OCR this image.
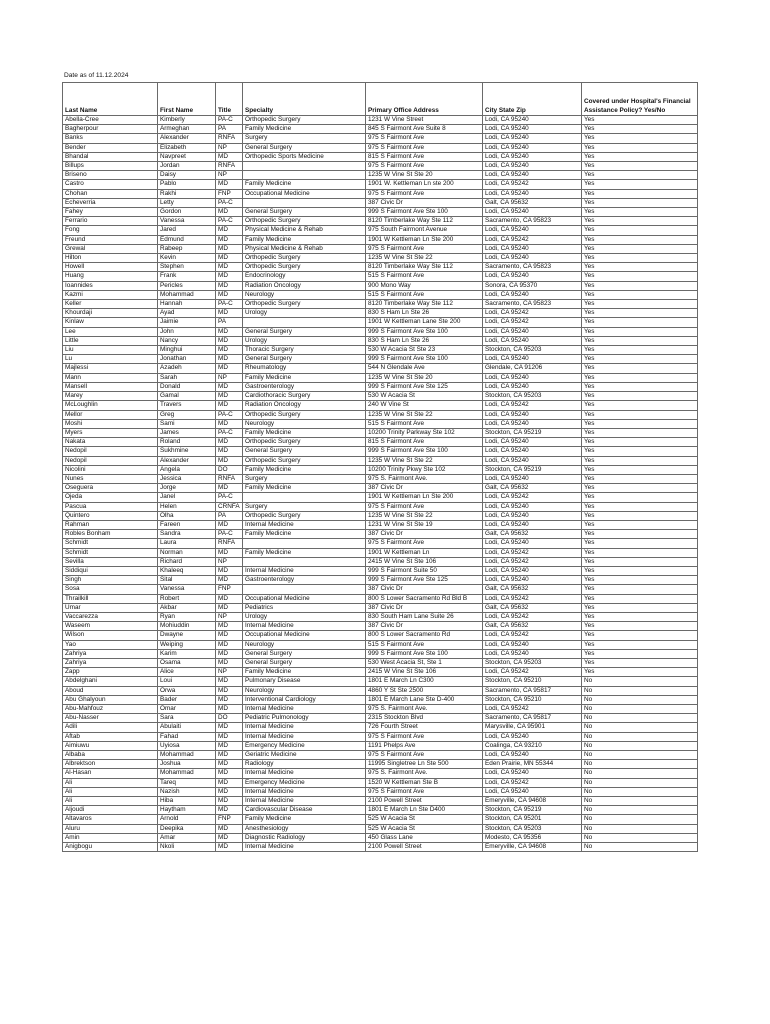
Date as of 11.12.2024
Last Name	First Name	Title	Specialty	Primary Office Address	City State Zip	Covered under Hospital's Financial Assistance Policy? Yes/No
Abella-Cree	Kimberly	PA-C	Orthopedic Surgery	1231 W Vine Street	Lodi, CA 95240	Yes
Bagherpour	Armeghan	PA	Family Medicine	845 S Fairmont Ave Suite 8	Lodi, CA 95240	Yes
Banks	Alexander	RNFA	Surgery	975 S Fairmont Ave	Lodi, CA 95240	Yes
Bender	Elizabeth	NP	General Surgery	975 S Fairmont Ave	Lodi, CA 95240	Yes
Bhandal	Navpreet	MD	Orthopedic Sports Medicine	815 S Fairmont Ave	Lodi, CA 95240	Yes
Billups	Jordan	RNFA		975 S Fairmont Ave	Lodi, CA 95240	Yes
Briseno	Daisy	NP		1235 W Vine St Ste 20	Lodi, CA 95240	Yes
Castro	Pablo	MD	Family Medicine	1901 W. Kettleman Ln ste 200	Lodi, CA 95242	Yes
Chohan	Rakhi	FNP	Occupational Medicine	975 S Fairmont Ave	Lodi, CA 95240	Yes
Echeverria	Letty	PA-C		387 Civic Dr	Galt, CA 95632	Yes
Fahey	Gordon	MD	General Surgery	999 S Fairmont Ave Ste 100	Lodi, CA 95240	Yes
Ferrario	Vanessa	PA-C	Orthopedic Surgery	8120 Timberlake Way Ste 112	Sacramento, CA 95823	Yes
Fong	Jared	MD	Physical Medicine & Rehab	975 South Fairmont Avenue	Lodi, CA 95240	Yes
Freund	Edmund	MD	Family Medicine	1901 W Kettleman Ln Ste 200	Lodi, CA 95242	Yes
Grewal	Rabeep	MD	Physical Medicine & Rehab	975 S Fairmont Ave	Lodi, CA 95240	Yes
Hilton	Kevin	MD	Orthopedic Surgery	1235 W Vine St Ste 22	Lodi, CA 95240	Yes
Howell	Stephen	MD	Orthopedic Surgery	8120 Timberlake Way Ste 112	Sacramento, CA 95823	Yes
Huang	Frank	MD	Endocrinology	515 S Fairmont Ave	Lodi, CA 95240	Yes
Ioannides	Pericles	MD	Radiation Oncology	900 Mono Way	Sonora, CA 95370	Yes
Kazmi	Mohammad	MD	Neurology	515 S Fairmont Ave	Lodi, CA 95240	Yes
Keller	Hannah	PA-C	Orthopedic Surgery	8120 Timberlake Way Ste 112	Sacramento, CA 95823	Yes
Khourdaji	Ayad	MD	Urology	830 S Ham Ln Ste 26	Lodi, CA 95242	Yes
Kinlaw	Jaimie	PA		1901 W Kettleman Lane Ste 200	Lodi, CA 95242	Yes
Lee	John	MD	General Surgery	999 S Fairmont Ave Ste 100	Lodi, CA 95240	Yes
Little	Nancy	MD	Urology	830 S Ham Ln Ste 26	Lodi, CA 95240	Yes
Liu	Minghui	MD	Thoracic Surgery	530 W Acacia St Ste 23	Stockton, CA 95203	Yes
Lu	Jonathan	MD	General Surgery	999 S Fairmont Ave Ste 100	Lodi, CA 95240	Yes
Majlessi	Azadeh	MD	Rheumatology	544 N Glendale Ave	Glendale, CA 91206	Yes
Mann	Sarah	NP	Family Medicine	1235 W Vine St Ste 20	Lodi, CA 95240	Yes
Mansell	Donald	MD	Gastroenterology	999 S Fairmont Ave Ste 125	Lodi, CA 95240	Yes
Marey	Gamal	MD	Cardiothoracic Surgery	530 W Acacia St	Stockton, CA 95203	Yes
McLoughlin	Travers	MD	Radiation Oncology	240 W Vine St	Lodi, CA 95242	Yes
Mellor	Greg	PA-C	Orthopedic Surgery	1235 W Vine St Ste 22	Lodi, CA 95240	Yes
Moshi	Sami	MD	Neurology	515 S Fairmont Ave	Lodi, CA 95240	Yes
Myers	James	PA-C	Family Medicine	10200 Trinity Parkway Ste 102	Stockton, CA 95219	Yes
Nakata	Roland	MD	Orthopedic Surgery	815 S Fairmont Ave	Lodi, CA 95240	Yes
Nedopil	Sukhmine	MD	General Surgery	999 S Fairmont Ave Ste 100	Lodi, CA 95240	Yes
Nedopil	Alexander	MD	Orthopedic Surgery	1235 W Vine St Ste 22	Lodi, CA 95240	Yes
Nicolini	Angela	DO	Family Medicine	10200 Trinity Pkwy Ste 102	Stockton, CA 95219	Yes
Nunes	Jessica	RNFA	Surgery	975 S. Fairmont Ave.	Lodi, CA 95240	Yes
Oseguera	Jorge	MD	Family Medicine	387 Civic Dr	Galt, CA 95632	Yes
Ojeda	Janel	PA-C		1901 W Kettleman Ln Ste 200	Lodi, CA 95242	Yes
Pascua	Helen	CRNFA	Surgery	975 S Fairmont Ave	Lodi, CA 95240	Yes
Quintero	Olha	PA	Orthopedic Surgery	1235 W Vine St Ste 22	Lodi, CA 95240	Yes
Rahman	Fareen	MD	Internal Medicine	1231 W Vine St Ste 19	Lodi, CA 95240	Yes
Robles Bonham	Sandra	PA-C	Family Medicine	387 Civic Dr	Galt, CA 95632	Yes
Schmidt	Laura	RNFA		975 S Fairmont Ave	Lodi, CA 95240	Yes
Schmidt	Norman	MD	Family Medicine	1901 W Kettleman Ln	Lodi, CA 95242	Yes
Sevilla	Richard	NP		2415 W Vine St Ste 106	Lodi, CA 95242	Yes
Siddiqui	Khaleeq	MD	Internal Medicine	999 S Fairmont Suite 50	Lodi, CA 95240	Yes
Singh	Sital	MD	Gastroenterology	999 S Fairmont Ave Ste 125	Lodi, CA 95240	Yes
Sosa	Vanessa	FNP		387 Civic Dr	Galt, CA 95632	Yes
Thrailkill	Robert	MD	Occupational Medicine	800 S Lower Sacramento Rd Bld B	Lodi, CA 95242	Yes
Umar	Akbar	MD	Pediatrics	387 Civic Dr	Galt, CA 95632	Yes
Vaccarezza	Ryan	NP	Urology	830 South Ham Lane Suite 26	Lodi, CA 95242	Yes
Waseem	Mohiuddin	MD	Internal Medicine	387 Civic Dr	Galt, CA 95632	Yes
Wilson	Dwayne	MD	Occupational Medicine	800 S Lower Sacramento Rd	Lodi, CA 95242	Yes
Yao	Weiping	MD	Neurology	515 S Fairmont Ave	Lodi, CA 95240	Yes
Zahriya	Karim	MD	General Surgery	999 S Fairmont Ave Ste 100	Lodi, CA 95240	Yes
Zahriya	Osama	MD	General Surgery	530 West Acacia St, Ste 1	Stockton, CA 95203	Yes
Zapp	Alice	NP	Family Medicine	2415 W Vine St Ste 106	Lodi, CA 95242	Yes
Abdelghani	Loui	MD	Pulmonary Disease	1801 E March Ln C300	Stockton, CA 95210	No
Aboud	Orwa	MD	Neurology	4860 Y St Ste 2500	Sacramento, CA 95817	No
Abu Ghalyoun	Bader	MD	Interventional Cardiology	1801 E March Lane Ste D-400	Stockton, CA 95210	No
Abu-Mahfouz	Omar	MD	Internal Medicine	975 S. Fairmont Ave.	Lodi, CA 95242	No
Abu-Nasser	Sara	DO	Pediatric Pulmonology	2315 Stockton Blvd	Sacramento, CA 95817	No
Adili	Abulaiti	MD	Internal Medicine	726 Fourth Street	Marysville, CA 95901	No
Aftab	Fahad	MD	Internal Medicine	975 S Fairmont Ave	Lodi, CA 95240	No
Aimiuwu	Uyiosa	MD	Emergency Medicine	1191 Phelps Ave	Coalinga, CA 93210	No
Albaba	Mohammad	MD	Geriatric Medicine	975 S Fairmont Ave	Lodi, CA 95240	No
Albrektson	Joshua	MD	Radiology	11995 Singletree Ln Ste 500	Eden Prairie, MN 55344	No
Al-Hasan	Mohammad	MD	Internal Medicine	975 S. Fairmont Ave.	Lodi, CA 95240	No
Ali	Tareq	MD	Emergency Medicine	1520 W Kettleman Ste B	Lodi, CA 95242	No
Ali	Nazish	MD	Internal Medicine	975 S Fairmont Ave	Lodi, CA 95240	No
Ali	Hiba	MD	Internal Medicine	2100 Powell Street	Emeryville, CA 94608	No
Aljoudi	Haytham	MD	Cardiovascular Disease	1801 E March Ln Ste D400	Stockton, CA 95219	No
Altavaros	Arnold	FNP	Family Medicine	525 W Acacia St	Stockton, CA 95201	No
Aluru	Deepika	MD	Anesthesiology	525 W Acacia St	Stockton, CA 95203	No
Amin	Amar	MD	Diagnostic Radiology	450 Glass Lane	Modesto, CA 95356	No
Anigbogu	Nkoli	MD	Internal Medicine	2100 Powell Street	Emeryville, CA 94608	No
